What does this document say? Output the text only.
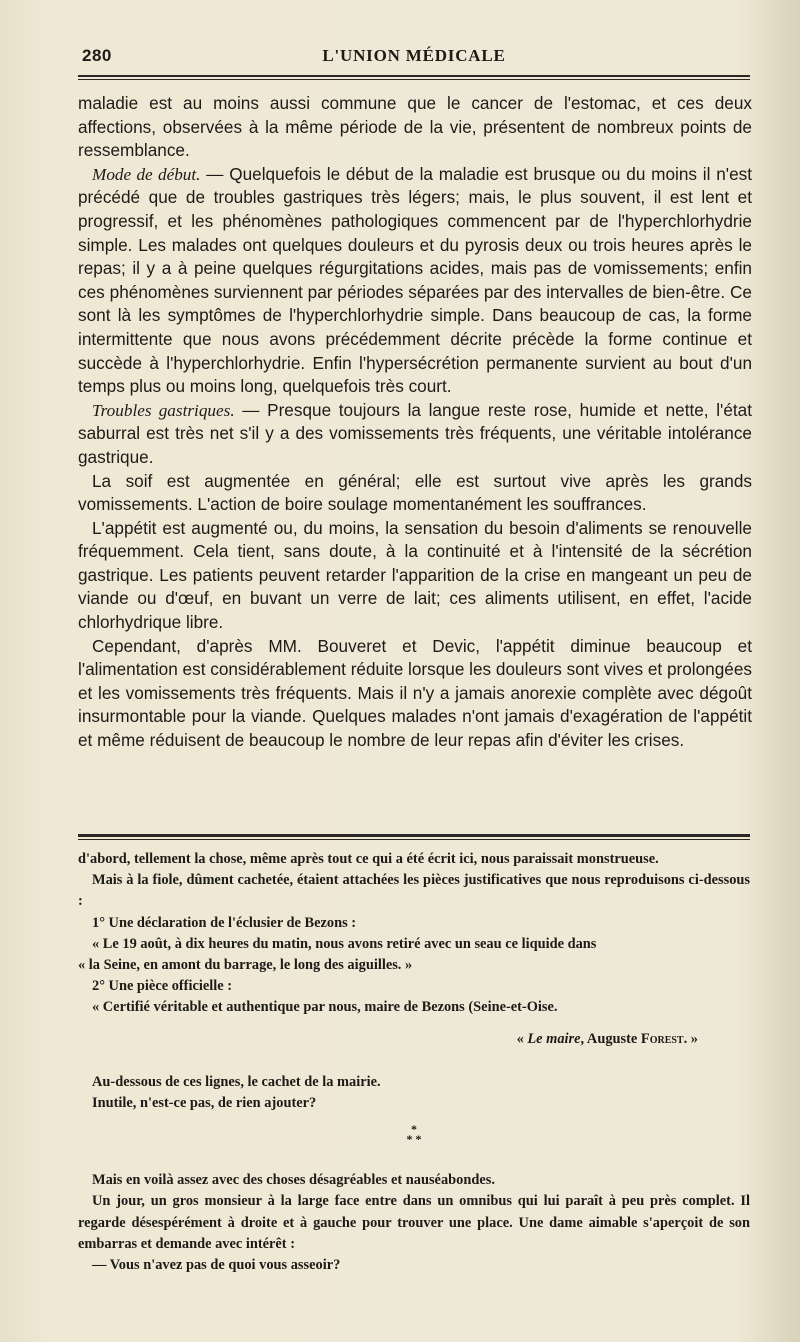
280	L'UNION MÉDICALE

maladie est au moins aussi commune que le cancer de l'estomac, et ces deux affections, observées à la même période de la vie, présentent de nombreux points de ressemblance.

Mode de début. — Quelquefois le début de la maladie est brusque ou du moins il n'est précédé que de troubles gastriques très légers; mais, le plus souvent, il est lent et progressif, et les phénomènes pathologiques commencent par de l'hyperchlorhydrie simple. Les malades ont quelques douleurs et du pyrosis deux ou trois heures après le repas; il y a à peine quelques régurgitations acides, mais pas de vomissements; enfin ces phénomènes surviennent par périodes séparées par des intervalles de bien-être. Ce sont là les symptômes de l'hyperchlorhydrie simple. Dans beaucoup de cas, la forme intermittente que nous avons précédemment décrite précède la forme continue et succède à l'hyperchlorhydrie. Enfin l'hypersécrétion permanente survient au bout d'un temps plus ou moins long, quelquefois très court.

Troubles gastriques. — Presque toujours la langue reste rose, humide et nette, l'état saburral est très net s'il y a des vomissements très fréquents, une véritable intolérance gastrique.

La soif est augmentée en général; elle est surtout vive après les grands vomissements. L'action de boire soulage momentanément les souffrances.

L'appétit est augmenté ou, du moins, la sensation du besoin d'aliments se renouvelle fréquemment. Cela tient, sans doute, à la continuité et à l'intensité de la sécrétion gastrique. Les patients peuvent retarder l'apparition de la crise en mangeant un peu de viande ou d'œuf, en buvant un verre de lait; ces aliments utilisent, en effet, l'acide chlorhydrique libre.

Cependant, d'après MM. Bouveret et Devic, l'appétit diminue beaucoup et l'alimentation est considérablement réduite lorsque les douleurs sont vives et prolongées et les vomissements très fréquents. Mais il n'y a jamais anorexie complète avec dégoût insurmontable pour la viande. Quelques malades n'ont jamais d'exagération de l'appétit et même réduisent de beaucoup le nombre de leur repas afin d'éviter les crises.

d'abord, tellement la chose, même après tout ce qui a été écrit ici, nous paraissait monstrueuse.

Mais à la fiole, dûment cachetée, étaient attachées les pièces justificatives que nous reproduisons ci-dessous :

1° Une déclaration de l'éclusier de Bezons :

« Le 19 août, à dix heures du matin, nous avons retiré avec un seau ce liquide dans

« la Seine, en amont du barrage, le long des aiguilles. »

2° Une pièce officielle :

« Certifié véritable et authentique par nous, maire de Bezons (Seine-et-Oise.

« Le maire, Auguste Forest. »

Au-dessous de ces lignes, le cachet de la mairie.

Inutile, n'est-ce pas, de rien ajouter?

*
* *

Mais en voilà assez avec des choses désagréables et nauséabondes.

Un jour, un gros monsieur à la large face entre dans un omnibus qui lui paraît à peu près complet. Il regarde désespérément à droite et à gauche pour trouver une place. Une dame aimable s'aperçoit de son embarras et demande avec intérêt :

— Vous n'avez pas de quoi vous asseoir?
